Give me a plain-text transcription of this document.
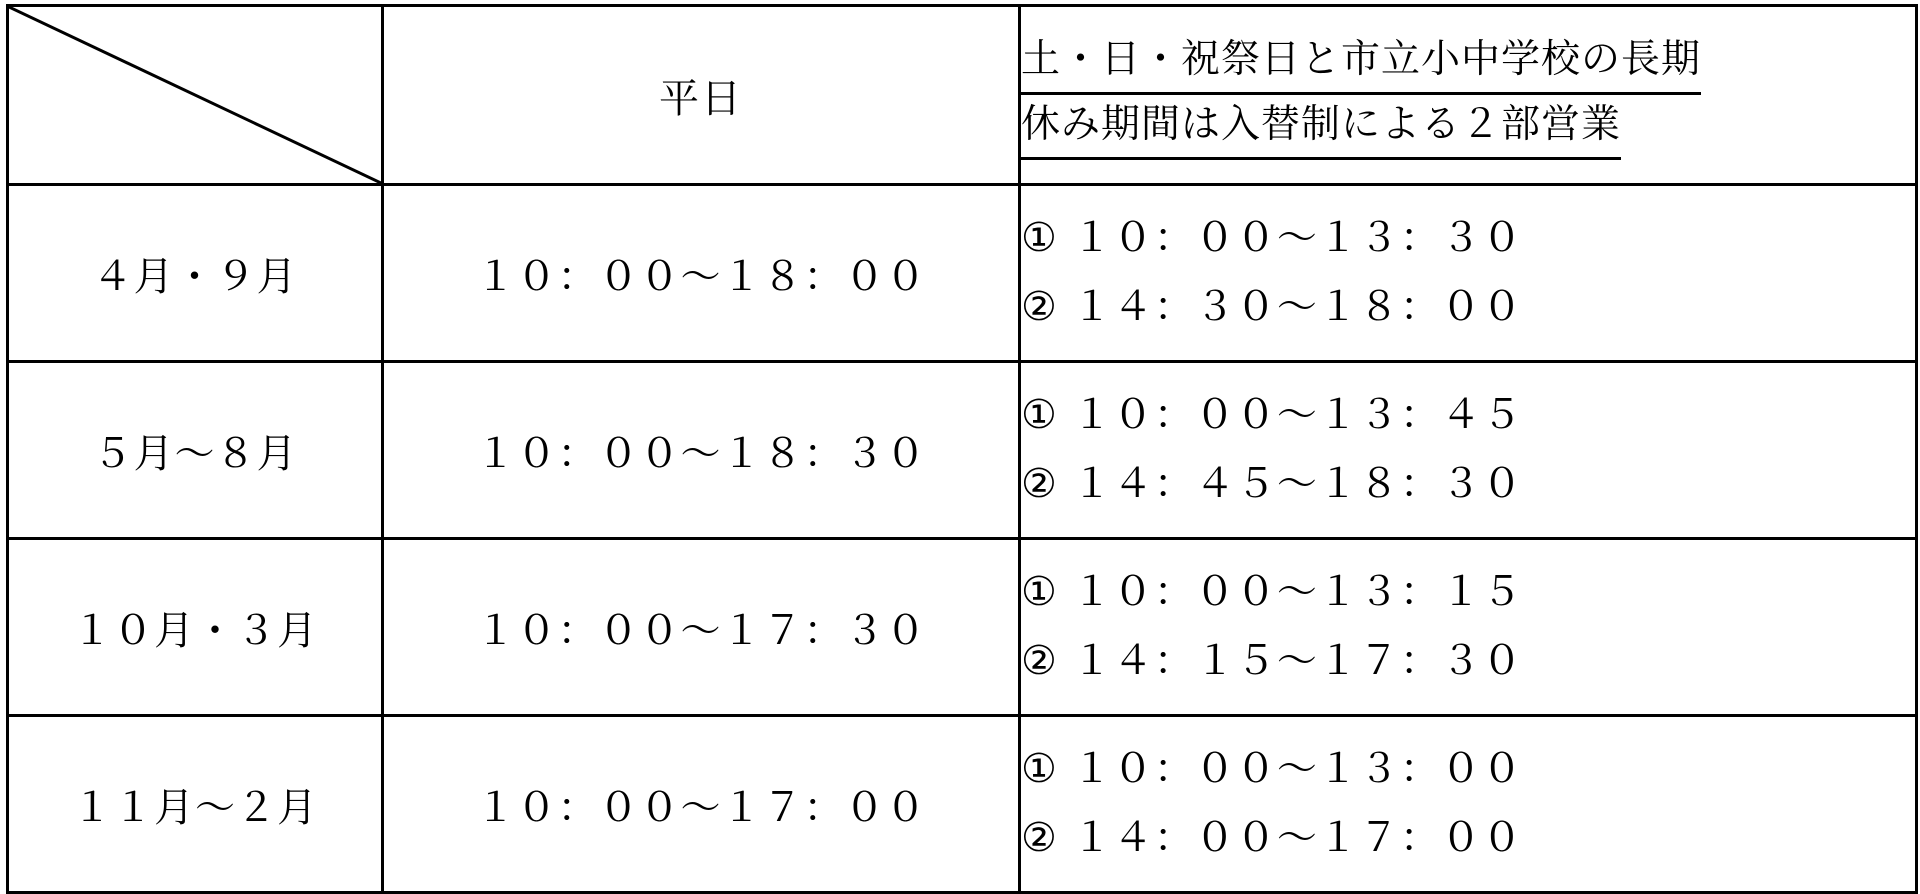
	平日	土・日・祝祭日と市立小中学校の長期
休み期間は入替制による２部営業
４月・９月	１０：００〜１８：００	① １０：００〜１３：３０
② １４：３０〜１８：００

５月〜８月	１０：００〜１８：３０	① １０：００〜１３：４５
② １４：４５〜１８：３０

１０月・３月	１０：００〜１７：３０	① １０：００〜１３：１５
② １４：１５〜１７：３０

１１月〜２月	１０：００〜１７：００	① １０：００〜１３：００
② １４：００〜１７：００
